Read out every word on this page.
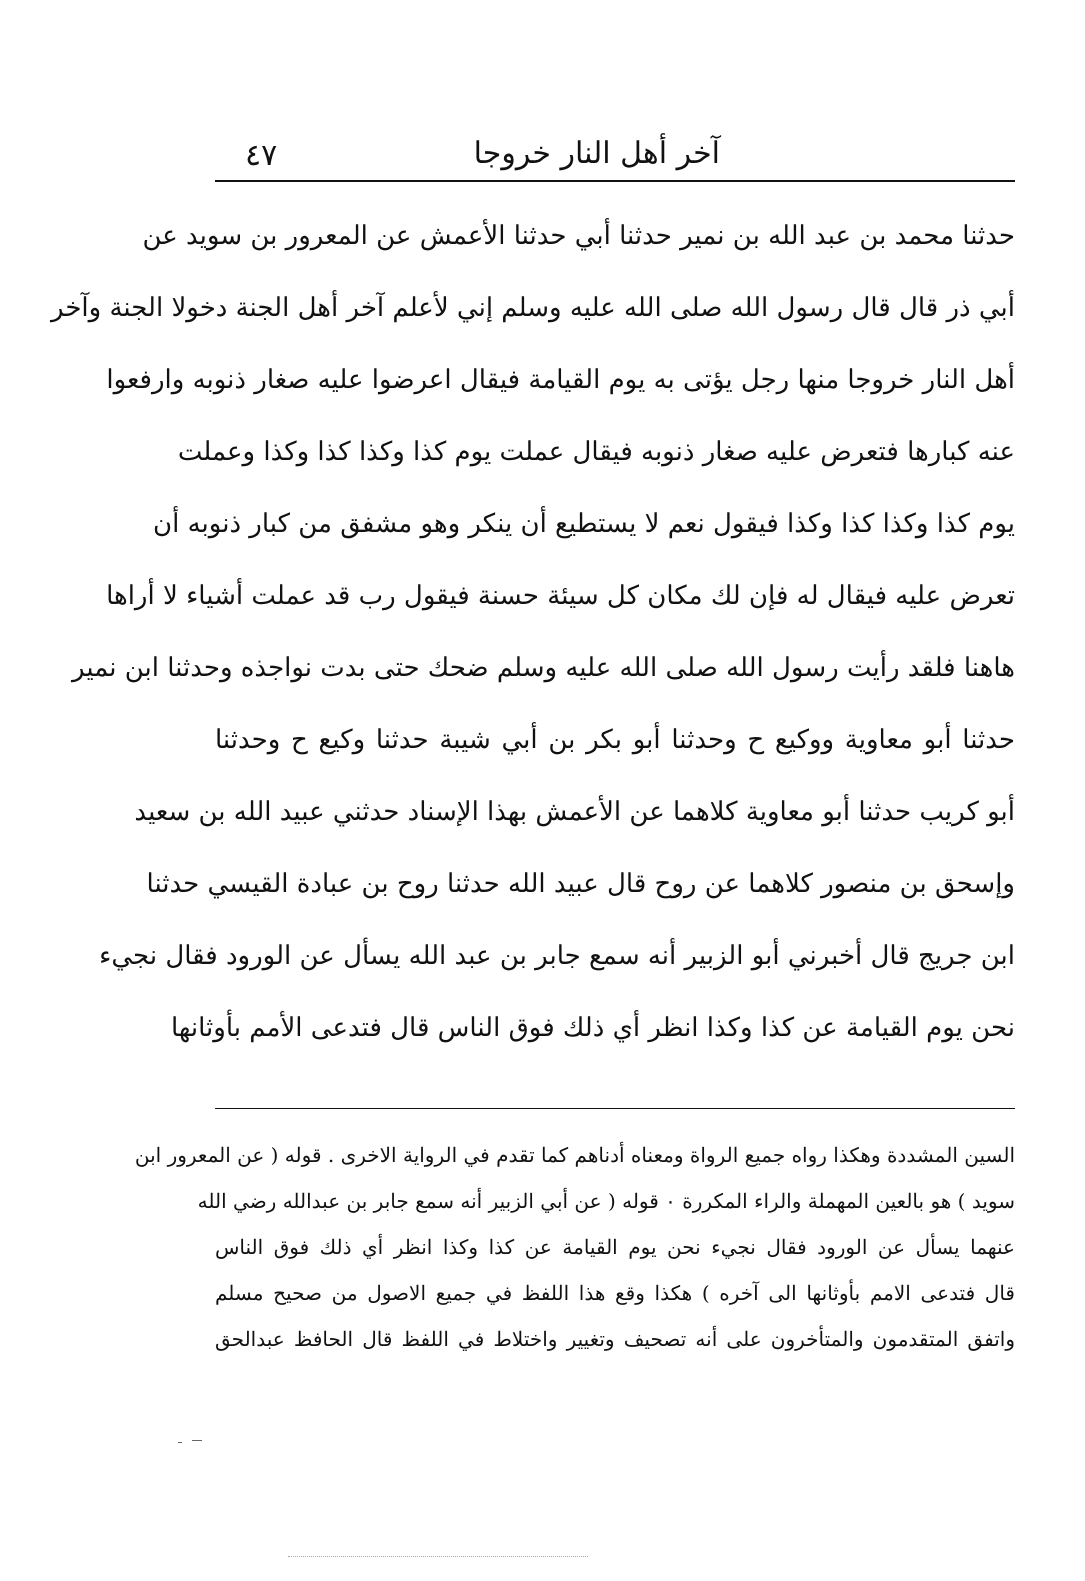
٤٧	آخر أهل النار خروجا
حدثنا محمد بن عبد الله بن نمير حدثنا أبي حدثنا الأعمش عن المعرور بن سويد عن
أبي ذر قال قال رسول الله صلى الله عليه وسلم إني لأعلم آخر أهل الجنة دخولا الجنة وآخر
أهل النار خروجا منها رجل يؤتى به يوم القيامة فيقال اعرضوا عليه صغار ذنوبه وارفعوا
عنه كبارها فتعرض عليه صغار ذنوبه فيقال عملت يوم كذا وكذا كذا وكذا وعملت
يوم كذا وكذا كذا وكذا فيقول نعم لا يستطيع أن ينكر وهو مشفق من كبار ذنوبه أن
تعرض عليه فيقال له فإن لك مكان كل سيئة حسنة فيقول رب قد عملت أشياء لا أراها
هاهنا فلقد رأيت رسول الله صلى الله عليه وسلم ضحك حتى بدت نواجذه وحدثنا ابن نمير
حدثنا أبو معاوية ووكيع ح وحدثنا أبو بكر بن أبي شيبة حدثنا وكيع ح وحدثنا
أبو كريب حدثنا أبو معاوية كلاهما عن الأعمش بهذا الإسناد حدثني عبيد الله بن سعيد
وإسحق بن منصور كلاهما عن روح قال عبيد الله حدثنا روح بن عبادة القيسي حدثنا
ابن جريج قال أخبرني أبو الزبير أنه سمع جابر بن عبد الله يسأل عن الورود فقال نجيء
نحن يوم القيامة عن كذا وكذا انظر أي ذلك فوق الناس قال فتدعى الأمم بأوثانها
السين المشددة وهكذا رواه جميع الرواة ومعناه أدناهم كما تقدم في الرواية الاخرى . قوله ( عن المعرور ابن
سويد ) هو بالعين المهملة والراء المكررة ٠ قوله ( عن أبي الزبير أنه سمع جابر بن عبدالله رضي الله
عنهما يسأل عن الورود فقال نجيء نحن يوم القيامة عن كذا وكذا انظر أي ذلك فوق الناس
قال فتدعى الامم بأوثانها الى آخره ) هكذا وقع هذا اللفظ في جميع الاصول من صحيح مسلم
واتفق المتقدمون والمتأخرون على أنه تصحيف وتغيير واختلاط في اللفظ قال الحافظ عبدالحق
